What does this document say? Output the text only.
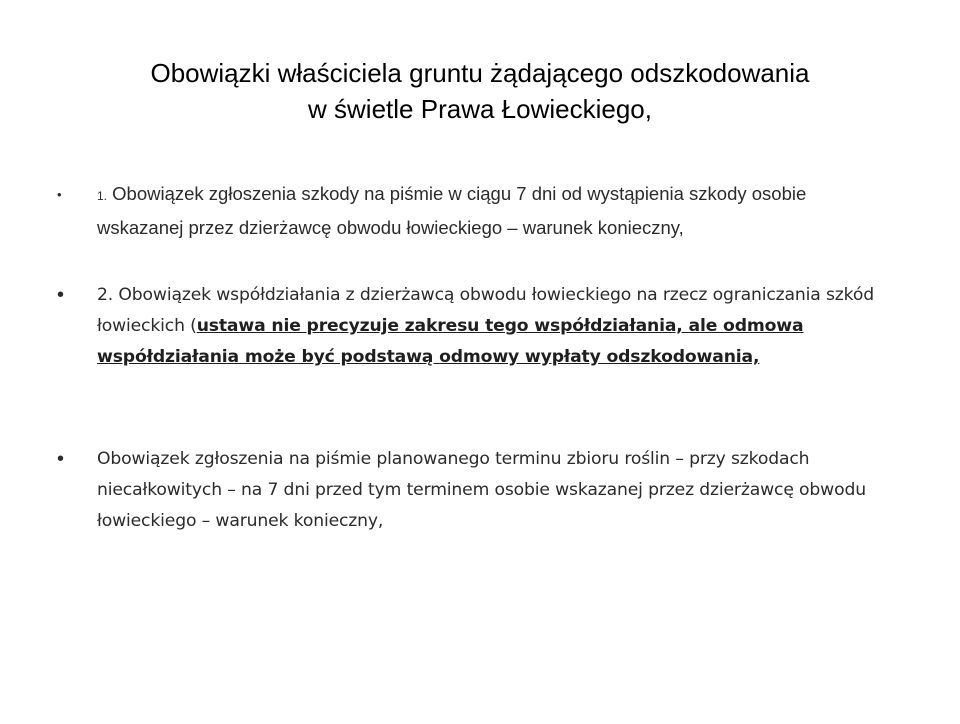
Obowiązki właściciela gruntu żądającego odszkodowania
w świetle Prawa Łowieckiego,
•	1. Obowiązek zgłoszenia szkody na piśmie w ciągu 7 dni od wystąpienia szkody osobie wskazanej przez dzierżawcę obwodu łowieckiego – warunek konieczny,
• 2. Obowiązek współdziałania z dzierżawcą obwodu łowieckiego na rzecz ograniczania szkód łowieckich (ustawa nie precyzuje zakresu tego współdziałania, ale odmowa współdziałania może być podstawą odmowy wypłaty odszkodowania,
• Obowiązek zgłoszenia na piśmie planowanego terminu zbioru roślin – przy szkodach niecałkowitych – na 7 dni przed tym terminem osobie wskazanej przez dzierżawcę obwodu łowieckiego – warunek konieczny,
